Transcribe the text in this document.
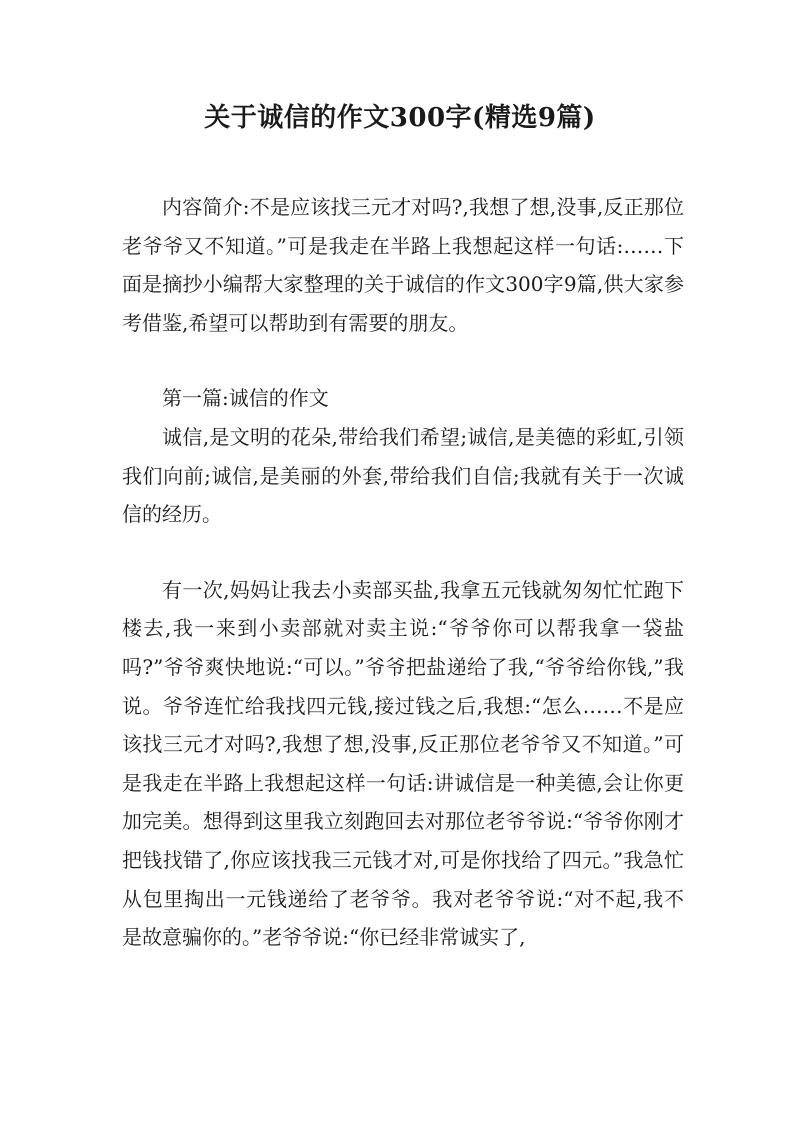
关于诚信的作文300字(精选9篇)

内容简介:不是应该找三元才对吗?,我想了想,没事,反正那位老爷爷又不知道。”可是我走在半路上我想起这样一句话:……下面是摘抄小编帮大家整理的关于诚信的作文300字9篇,供大家参考借鉴,希望可以帮助到有需要的朋友。

第一篇:诚信的作文

诚信,是文明的花朵,带给我们希望;诚信,是美德的彩虹,引领我们向前;诚信,是美丽的外套,带给我们自信;我就有关于一次诚信的经历。

有一次,妈妈让我去小卖部买盐,我拿五元钱就匆匆忙忙跑下楼去,我一来到小卖部就对卖主说:“爷爷你可以帮我拿一袋盐吗?”爷爷爽快地说:“可以。”爷爷把盐递给了我,“爷爷给你钱,”我说。爷爷连忙给我找四元钱,接过钱之后,我想:“怎么……不是应该找三元才对吗?,我想了想,没事,反正那位老爷爷又不知道。”可是我走在半路上我想起这样一句话:讲诚信是一种美德,会让你更加完美。想得到这里我立刻跑回去对那位老爷爷说:“爷爷你刚才把钱找错了,你应该找我三元钱才对,可是你找给了四元。”我急忙从包里掏出一元钱递给了老爷爷。我对老爷爷说:“对不起,我不是故意骗你的。”老爷爷说:“你已经非常诚实了,
